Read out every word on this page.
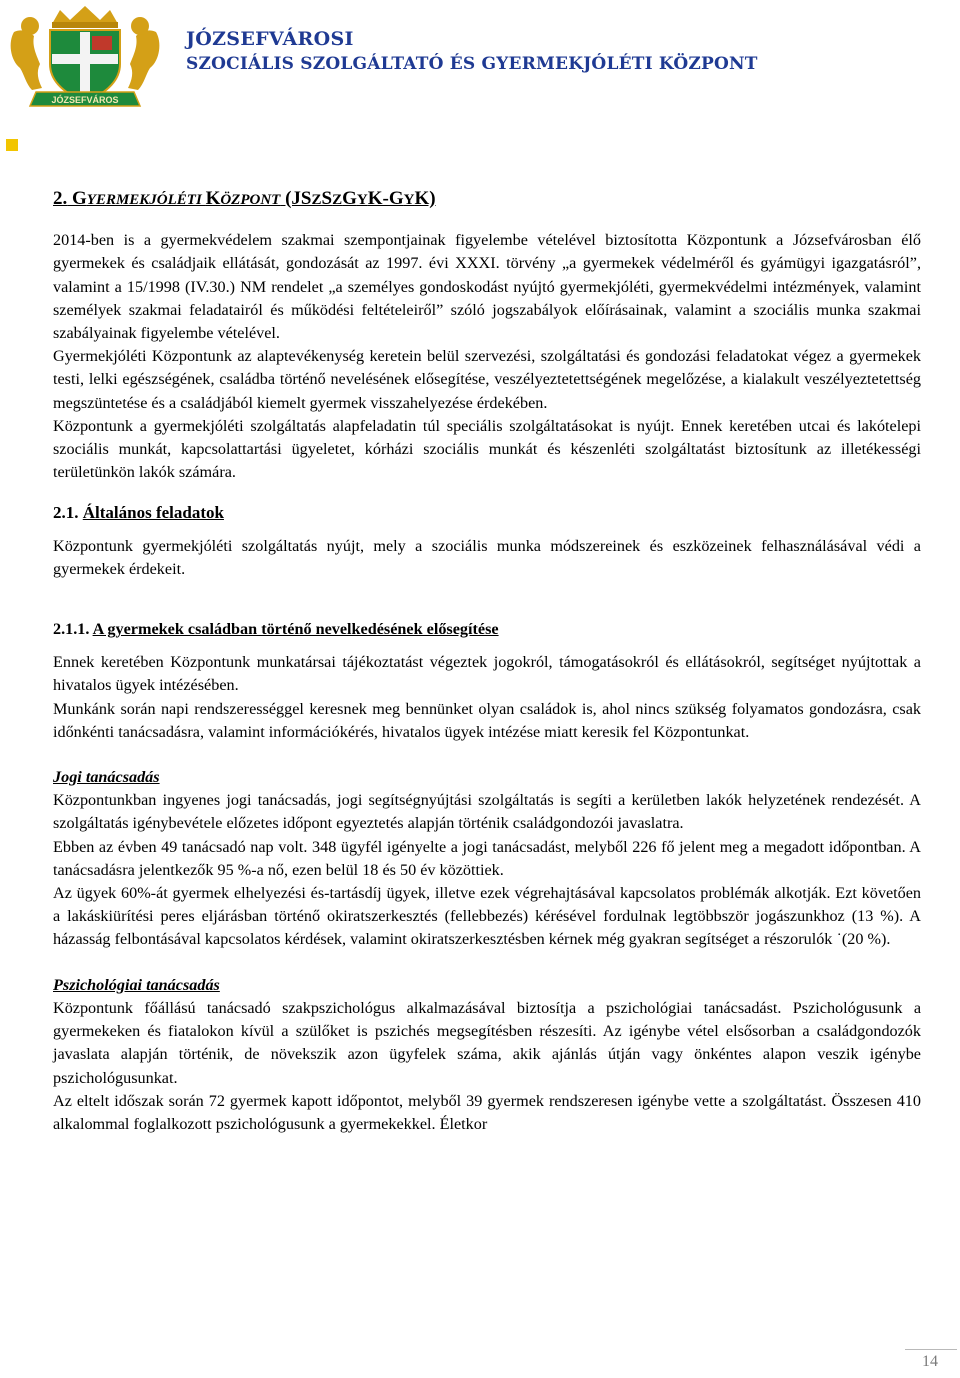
JÓZSEFVÁROS
JÓZSEFVÁROSI
SZOCIÁLIS SZOLGÁLTATÓ ÉS GYERMEKJÓLÉTI KÖZPONT
2. GYERMEKJÓLÉTI KÖZPONT (JSZSZGYK-GYK)

2014-ben is a gyermekvédelem szakmai szempontjainak figyelembe vételével biztosította Központunk a Józsefvárosban élő gyermekek és családjaik ellátását, gondozását az 1997. évi XXXI. törvény „a gyermekek védelméről és gyámügyi igazgatásról”, valamint a 15/1998 (IV.30.) NM rendelet „a személyes gondoskodást nyújtó gyermekjóléti, gyermekvédelmi intézmények, valamint személyek szakmai feladatairól és működési feltételeiről” szóló jogszabályok előírásainak, valamint a szociális munka szakmai szabályainak figyelembe vételével.

Gyermekjóléti Központunk az alaptevékenység keretein belül szervezési, szolgáltatási és gondozási feladatokat végez a gyermekek testi, lelki egészségének, családba történő nevelésének elősegítése, veszélyeztetettségének megelőzése, a kialakult veszélyeztetettség megszüntetése és a családjából kiemelt gyermek visszahelyezése érdekében.

Központunk a gyermekjóléti szolgáltatás alapfeladatin túl speciális szolgáltatásokat is nyújt. Ennek keretében utcai és lakótelepi szociális munkát, kapcsolattartási ügyeletet, kórházi szociális munkát és készenléti szolgáltatást biztosítunk az illetékességi területünkön lakók számára.

2.1. Általános feladatok

Központunk gyermekjóléti szolgáltatás nyújt, mely a szociális munka módszereinek és eszközeinek felhasználásával védi a gyermekek érdekeit.

2.1.1. A gyermekek családban történő nevelkedésének elősegítése

Ennek keretében Központunk munkatársai tájékoztatást végeztek jogokról, támogatásokról és ellátásokról, segítséget nyújtottak a hivatalos ügyek intézésében.

Munkánk során napi rendszerességgel keresnek meg bennünket olyan családok is, ahol nincs szükség folyamatos gondozásra, csak időnkénti tanácsadásra, valamint információkérés, hivatalos ügyek intézése miatt keresik fel Központunkat.

Jogi tanácsadás

Központunkban ingyenes jogi tanácsadás, jogi segítségnyújtási szolgáltatás is segíti a kerületben lakók helyzetének rendezését. A szolgáltatás igénybevétele előzetes időpont egyeztetés alapján történik családgondozói javaslatra.

Ebben az évben 49 tanácsadó nap volt. 348 ügyfél igényelte a jogi tanácsadást, melyből 226 fő jelent meg a megadott időpontban. A tanácsadásra jelentkezők 95 %-a nő, ezen belül 18 és 50 év közöttiek.

Az ügyek 60%-át gyermek elhelyezési és-tartásdíj ügyek, illetve ezek végrehajtásával kapcsolatos problémák alkotják. Ezt követően a lakáskiürítési peres eljárásban történő okiratszerkesztés (fellebbezés) kérésével fordulnak legtöbbször jogászunkhoz (13 %). A házasság felbontásával kapcsolatos kérdések, valamint okiratszerkesztésben kérnek még gyakran segítséget a részorulók ˙(20 %).

Pszichológiai tanácsadás

Központunk főállású tanácsadó szakpszichológus alkalmazásával biztosítja a pszichológiai tanácsadást. Pszichológusunk a gyermekeken és fiatalokon kívül a szülőket is pszichés megsegítésben részesíti. Az igénybe vétel elsősorban a családgondozók javaslata alapján történik, de növekszik azon ügyfelek száma, akik ajánlás útján vagy önkéntes alapon veszik igénybe pszichológusunkat.

Az eltelt időszak során 72 gyermek kapott időpontot, melyből 39 gyermek rendszeresen igénybe vette a szolgáltatást. Összesen 410 alkalommal foglalkozott pszichológusunk a gyermekekkel. Életkor

14
